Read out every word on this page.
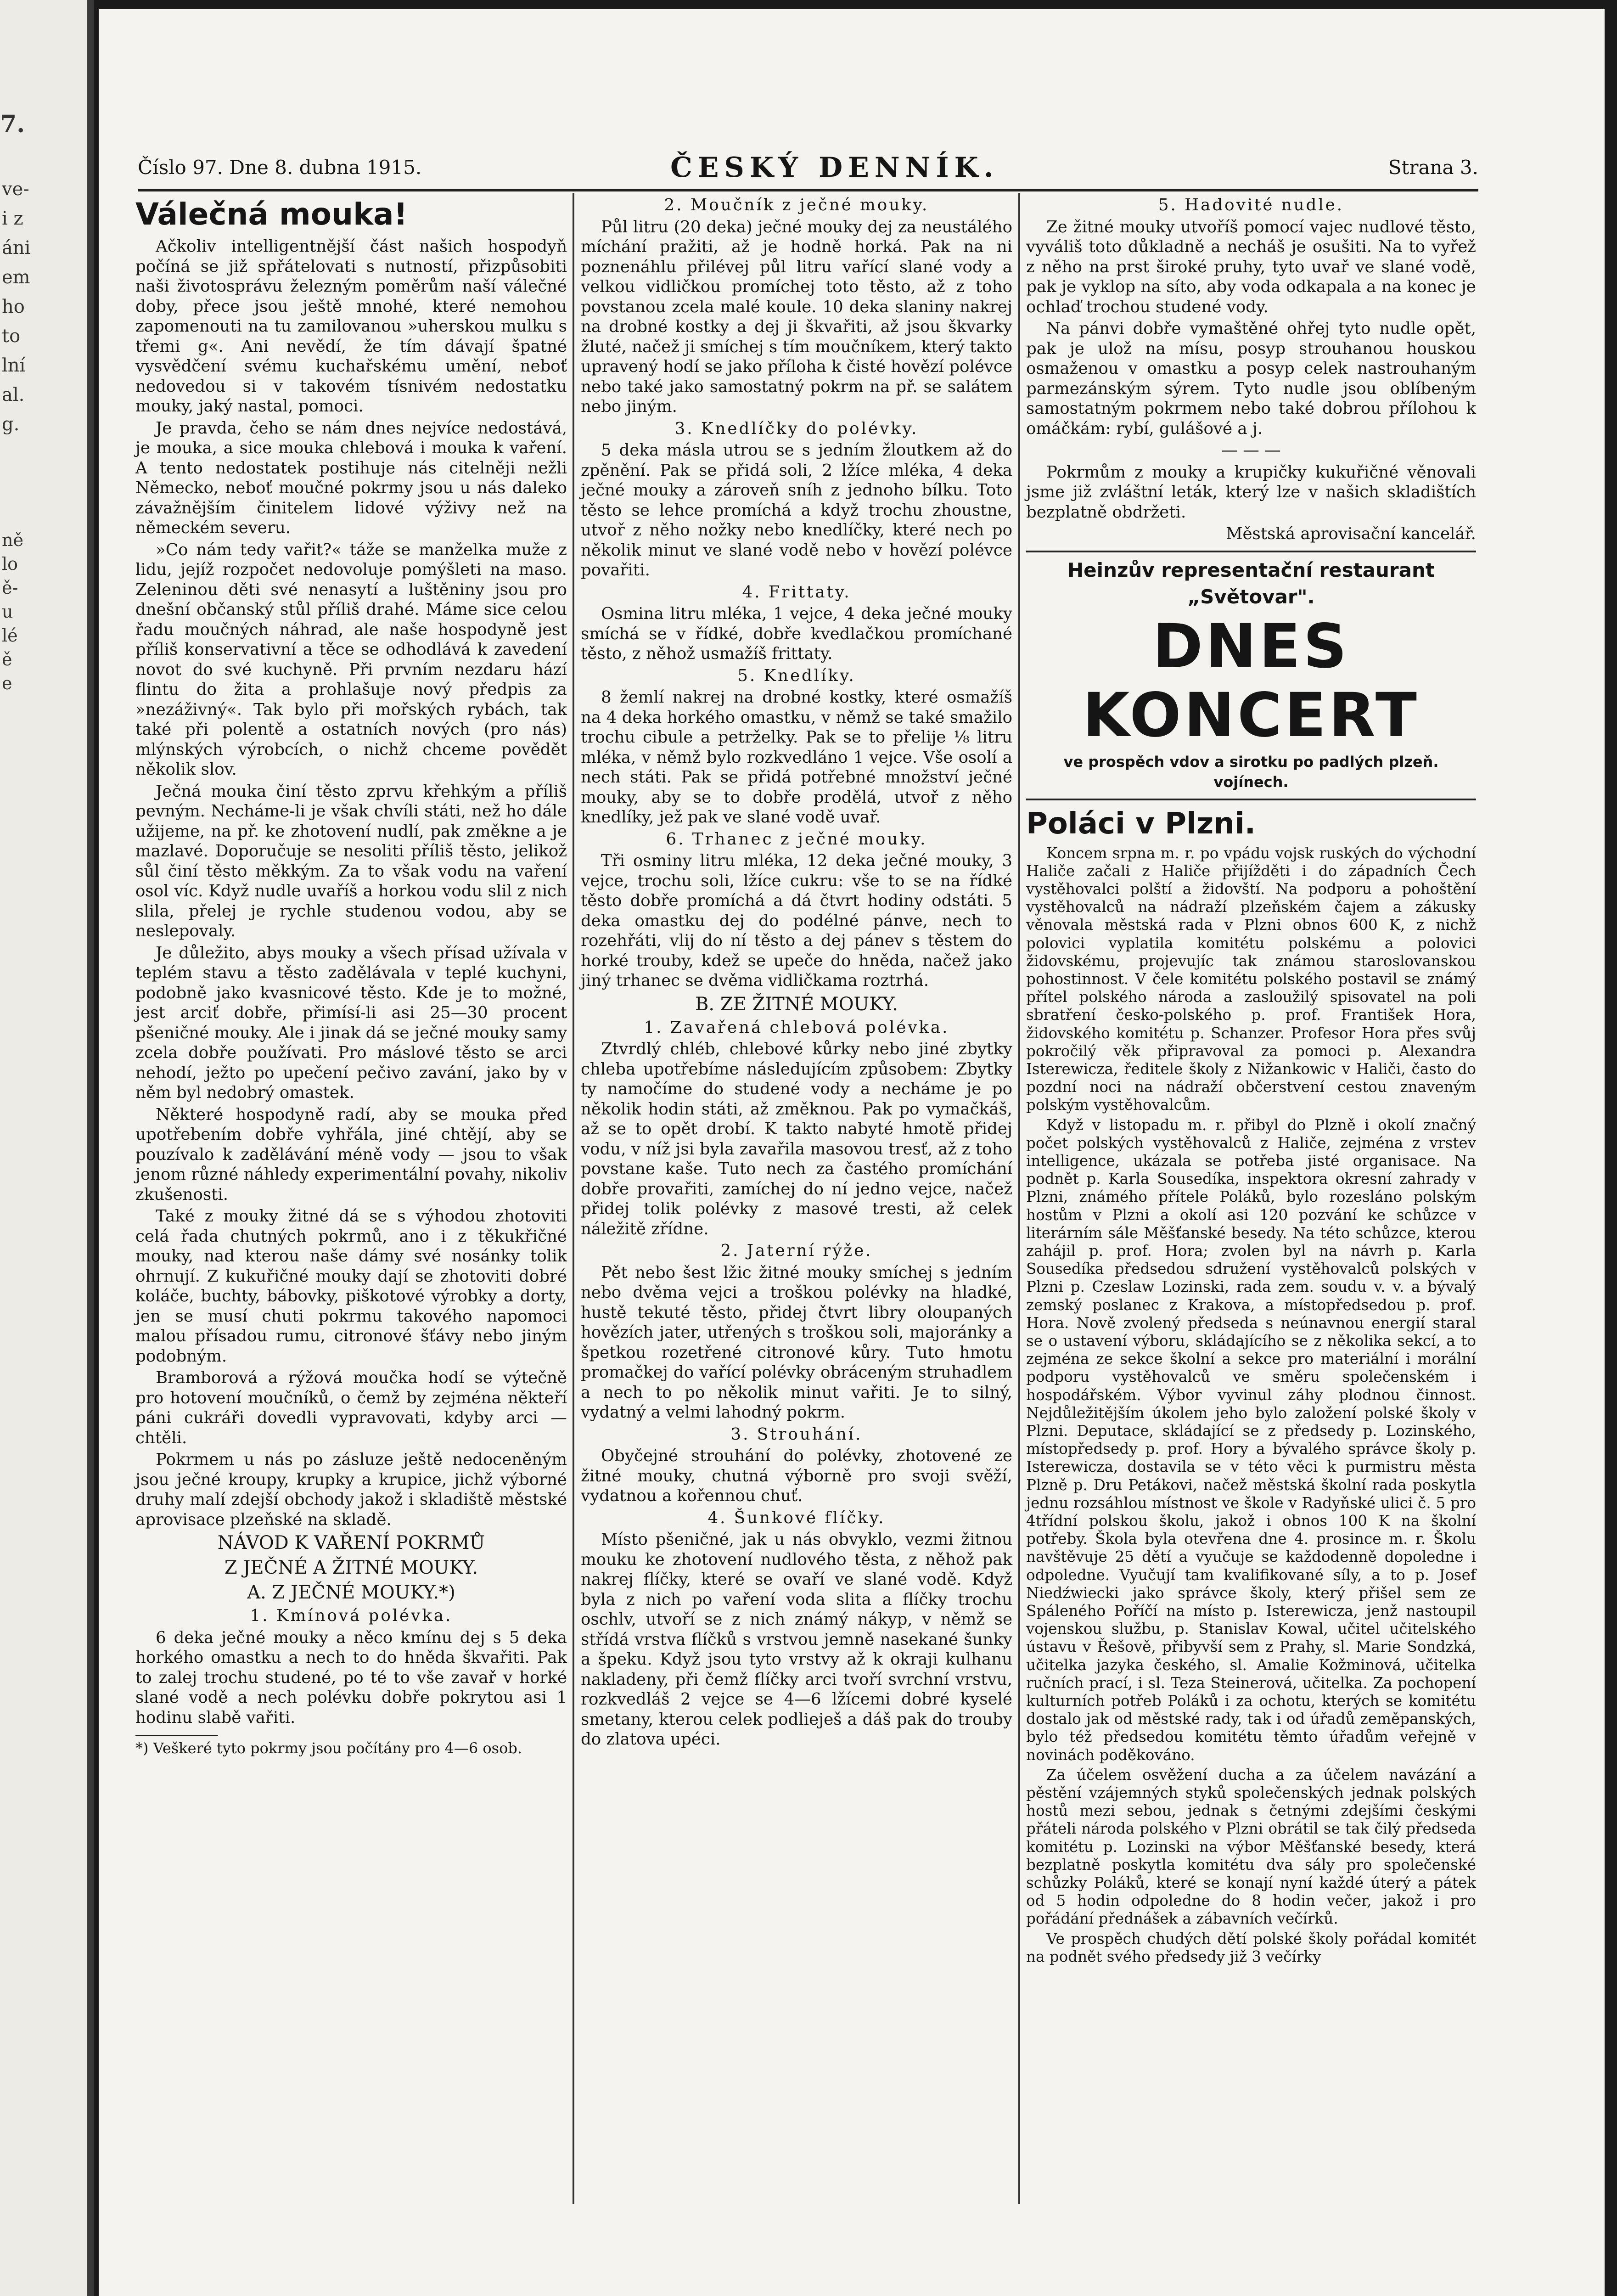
7.
ve-
i z
áni
em
ho
to
lní
al.
g.
ně
lo
ě-
u
lé
ě
e
Číslo 97. Dne 8. dubna 1915.	ČESKÝ DENNÍK.	Strana 3.
Válečná mouka!

Ačkoliv intelligentnější část našich hospodyň počíná se již spřátelovati s nutností, přizpůsobiti naši životosprávu železným poměrům naší válečné doby, přece jsou ještě mnohé, které nemohou zapomenouti na tu zamilovanou »uherskou mulku s třemi g«. Ani nevědí, že tím dávají špatné vysvědčení svému kuchařskému umění, neboť nedovedou si v takovém tísnivém nedostatku mouky, jaký nastal, pomoci.

Je pravda, čeho se nám dnes nejvíce nedostává, je mouka, a sice mouka chlebová i mouka k vaření. A tento nedostatek postihuje nás citelněji nežli Německo, neboť moučné pokrmy jsou u nás daleko závažnějším činitelem lidové výživy než na německém severu.

»Co nám tedy vařit?« táže se manželka muže z lidu, jejíž rozpočet nedovoluje pomýšleti na maso. Zeleninou děti své nenasytí a luštěniny jsou pro dnešní občanský stůl příliš drahé. Máme sice celou řadu moučných náhrad, ale naše hospodyně jest příliš konservativní a těce se odhodlává k zavedení novot do své kuchyně. Při prvním nezdaru hází flintu do žita a prohlašuje nový předpis za »nezáživný«. Tak bylo při mořských rybách, tak také při polentě a ostatních nových (pro nás) mlýnských výrobcích, o nichž chceme povědět několik slov.

Ječná mouka činí těsto zprvu křehkým a příliš pevným. Necháme-li je však chvíli státi, než ho dále užijeme, na př. ke zhotovení nudlí, pak změkne a je mazlavé. Doporučuje se nesoliti příliš těsto, jelikož sůl činí těsto měkkým. Za to však vodu na vaření osol víc. Když nudle uvaříš a horkou vodu slil z nich slila, přelej je rychle studenou vodou, aby se neslepovaly.

Je důležito, abys mouky a všech přísad užívala v teplém stavu a těsto zadělávala v teplé kuchyni, podobně jako kvasnicové těsto. Kde je to možné, jest arciť dobře, přimísí-li asi 25—30 procent pšeničné mouky. Ale i jinak dá se ječné mouky samy zcela dobře používati. Pro máslové těsto se arci nehodí, ježto po upečení pečivo zavání, jako by v něm byl nedobrý omastek.

Některé hospodyně radí, aby se mouka před upotřebením dobře vyhřála, jiné chtějí, aby se pouzívalo k zadělávání méně vody — jsou to však jenom různé náhledy experimentální povahy, nikoliv zkušenosti.

Také z mouky žitné dá se s výhodou zhotoviti celá řada chutných pokrmů, ano i z těkukřičné mouky, nad kterou naše dámy své nosánky tolik ohrnují. Z kukuřičné mouky dají se zhotoviti dobré koláče, buchty, bábovky, piškotové výrobky a dorty, jen se musí chuti pokrmu takového napomoci malou přísadou rumu, citronové šťávy nebo jiným podobným.

Bramborová a rýžová moučka hodí se výtečně pro hotovení moučníků, o čemž by zejména někteří páni cukráři dovedli vypravovati, kdyby arci — chtěli.

Pokrmem u nás po zásluze ještě nedoceněným jsou ječné kroupy, krupky a krupice, jichž výborné druhy malí zdejší obchody jakož i skladiště městské aprovisace plzeňské na skladě.

NÁVOD K VAŘENÍ POKRMŮ

Z JEČNÉ A ŽITNÉ MOUKY.

A. Z JEČNÉ MOUKY.*)

1. Kmínová polévka.

6 deka ječné mouky a něco kmínu dej s 5 deka horkého omastku a nech to do hněda škvařiti. Pak to zalej trochu studené, po té to vše zavař v horké slané vodě a nech polévku dobře pokrytou asi 1 hodinu slabě vařiti.

*) Veškeré tyto pokrmy jsou počítány pro 4—6 osob.

2. Moučník z ječné mouky.

Půl litru (20 deka) ječné mouky dej za neustálého míchání pražiti, až je hodně horká. Pak na ni poznenáhlu přilévej půl litru vařící slané vody a velkou vidličkou promíchej toto těsto, až z toho povstanou zcela malé koule. 10 deka slaniny nakrej na drobné kostky a dej ji škvařiti, až jsou škvarky žluté, načež ji smíchej s tím moučníkem, který takto upravený hodí se jako příloha k čisté hovězí polévce nebo také jako samostatný pokrm na př. se salátem nebo jiným.

3. Knedlíčky do polévky.

5 deka másla utrou se s jedním žloutkem až do zpěnění. Pak se přidá soli, 2 lžíce mléka, 4 deka ječné mouky a zároveň sníh z jednoho bílku. Toto těsto se lehce promíchá a když trochu zhoustne, utvoř z něho nožky nebo knedlíčky, které nech po několik minut ve slané vodě nebo v hovězí polévce povařiti.

4. Frittaty.

Osmina litru mléka, 1 vejce, 4 deka ječné mouky smíchá se v řídké, dobře kvedlačkou promíchané těsto, z něhož usmažíš frittaty.

5. Knedlíky.

8 žemlí nakrej na drobné kostky, které osmažíš na 4 deka horkého omastku, v němž se také smažilo trochu cibule a petrželky. Pak se to přelije ⅛ litru mléka, v němž bylo rozkvedláno 1 vejce. Vše osolí a nech státi. Pak se přidá potřebné množství ječné mouky, aby se to dobře prodělá, utvoř z něho knedlíky, jež pak ve slané vodě uvař.

6. Trhanec z ječné mouky.

Tři osminy litru mléka, 12 deka ječné mouky, 3 vejce, trochu soli, lžíce cukru: vše to se na řídké těsto dobře promíchá a dá čtvrt hodiny odstáti. 5 deka omastku dej do podélné pánve, nech to rozehřáti, vlij do ní těsto a dej pánev s těstem do horké trouby, kdež se upeče do hněda, načež jako jiný trhanec se dvěma vidličkama roztrhá.

B. ZE ŽITNÉ MOUKY.

1. Zavařená chlebová polévka.

Ztvrdlý chléb, chlebové kůrky nebo jiné zbytky chleba upotřebíme následujícím způsobem: Zbytky ty namočíme do studené vody a necháme je po několik hodin státi, až změknou. Pak po vymačkáš, až se to opět drobí. K takto nabyté hmotě přidej vodu, v níž jsi byla zavařila masovou tresť, až z toho povstane kaše. Tuto nech za častého promíchání dobře provařiti, zamíchej do ní jedno vejce, načež přidej tolik polévky z masové tresti, až celek náležitě zřídne.

2. Jaterní rýže.

Pět nebo šest lžic žitné mouky smíchej s jedním nebo dvěma vejci a troškou polévky na hladké, hustě tekuté těsto, přidej čtvrt libry oloupaných hovězích jater, utřených s troškou soli, majoránky a špetkou rozetřené citronové kůry. Tuto hmotu promačkej do vařící polévky obráceným struhadlem a nech to po několik minut vařiti. Je to silný, vydatný a velmi lahodný pokrm.

3. Strouhání.

Obyčejné strouhání do polévky, zhotovené ze žitné mouky, chutná výborně pro svoji svěží, vydatnou a kořennou chuť.

4. Šunkové flíčky.

Místo pšeničné, jak u nás obvyklo, vezmi žitnou mouku ke zhotovení nudlového těsta, z něhož pak nakrej flíčky, které se ovaří ve slané vodě. Když byla z nich po vaření voda slita a flíčky trochu oschlv, utvoří se z nich známý nákyp, v němž se střídá vrstva flíčků s vrstvou jemně nasekané šunky a špeku. Když jsou tyto vrstvy až k okraji kulhanu nakladeny, při čemž flíčky arci tvoří svrchní vrstvu, rozkvedláš 2 vejce se 4—6 lžícemi dobré kyselé smetany, kterou celek podlieješ a dáš pak do trouby do zlatova upéci.

5. Hadovité nudle.

Ze žitné mouky utvoříš pomocí vajec nudlové těsto, vyváliš toto důkladně a necháš je osušiti. Na to vyřež z něho na prst široké pruhy, tyto uvař ve slané vodě, pak je vyklop na síto, aby voda odkapala a na konec je ochlaď trochou studené vody.

Na pánvi dobře vymaštěné ohřej tyto nudle opět, pak je ulož na mísu, posyp strouhanou houskou osmaženou v omastku a posyp celek nastrouhaným parmezánským sýrem. Tyto nudle jsou oblíbeným samostatným pokrmem nebo také dobrou přílohou k omáčkám: rybí, gulášové a j.

— — —

Pokrmům z mouky a krupičky kukuřičné věnovali jsme již zvláštní leták, který lze v našich skladištích bezplatně obdržeti.

Městská aprovisační kancelář.

Heinzův representační restaurant „Světovar".

DNES KONCERT

ve prospěch vdov a sirotku po padlých plzeň. vojínech.

Poláci v Plzni.

Koncem srpna m. r. po vpádu vojsk ruských do východní Haliče začali z Haliče přijížděti i do západních Čech vystěhovalci polští a židovští. Na podporu a pohoštění vystěhovalců na nádraží plzeňském čajem a zákusky věnovala městská rada v Plzni obnos 600 K, z nichž polovici vyplatila komitétu polskému a polovici židovskému, projevujíc tak známou staroslovanskou pohostinnost. V čele komitétu polského postavil se známý přítel polského národa a zasloužilý spisovatel na poli sbratření česko-polského p. prof. František Hora, židovského komitétu p. Schanzer. Profesor Hora přes svůj pokročilý věk připravoval za pomoci p. Alexandra Isterewicza, ředitele školy z Nižankowic v Haliči, často do pozdní noci na nádraží občerstvení cestou znaveným polským vystěhovalcům.

Když v listopadu m. r. přibyl do Plzně i okolí značný počet polských vystěhovalců z Haliče, zejména z vrstev intelligence, ukázala se potřeba jisté organisace. Na podnět p. Karla Sousedíka, inspektora okresní zahrady v Plzni, známého přítele Poláků, bylo rozesláno polským hostům v Plzni a okolí asi 120 pozvání ke schůzce v literárním sále Měšťanské besedy. Na této schůzce, kterou zahájil p. prof. Hora; zvolen byl na návrh p. Karla Sousedíka předsedou sdružení vystěhovalců polských v Plzni p. Czeslaw Lozinski, rada zem. soudu v. v. a bývalý zemský poslanec z Krakova, a místopředsedou p. prof. Hora. Nově zvolený předseda s neúnavnou energií staral se o ustavení výboru, skládajícího se z několika sekcí, a to zejména ze sekce školní a sekce pro materiální i morální podporu vystěhovalců ve směru společenském i hospodářském. Výbor vyvinul záhy plodnou činnost. Nejdůležitějším úkolem jeho bylo založení polské školy v Plzni. Deputace, skládající se z předsedy p. Lozinského, místopředsedy p. prof. Hory a bývalého správce školy p. Isterewicza, dostavila se v této věci k purmistru města Plzně p. Dru Petákovi, načež městská školní rada poskytla jednu rozsáhlou místnost ve škole v Radyňské ulici č. 5 pro 4třídní polskou školu, jakož i obnos 100 K na školní potřeby. Škola byla otevřena dne 4. prosince m. r. Školu navštěvuje 25 dětí a vyučuje se každodenně dopoledne i odpoledne. Vyučují tam kvalifikované síly, a to p. Josef Niedźwiecki jako správce školy, který přišel sem ze Spáleného Poříčí na místo p. Isterewicza, jenž nastoupil vojenskou službu, p. Stanislav Kowal, učitel učitelského ústavu v Řešově, přibyvší sem z Prahy, sl. Marie Sondzká, učitelka jazyka českého, sl. Amalie Kožminová, učitelka ručních prací, i sl. Teza Steinerová, učitelka. Za pochopení kulturních potřeb Poláků i za ochotu, kterých se komitétu dostalo jak od městské rady, tak i od úřadů zeměpanských, bylo též předsedou komitétu těmto úřadům veřejně v novinách poděkováno.

Za účelem osvěžení ducha a za účelem navázání a pěstění vzájemných styků společenských jednak polských hostů mezi sebou, jednak s četnými zdejšími českými přáteli národa polského v Plzni obrátil se tak čilý předseda komitétu p. Lozinski na výbor Měšťanské besedy, která bezplatně poskytla komitétu dva sály pro společenské schůzky Poláků, které se konají nyní každé úterý a pátek od 5 hodin odpoledne do 8 hodin večer, jakož i pro pořádání přednášek a zábavních večírků.

Ve prospěch chudých dětí polské školy pořádal komitét na podnět svého předsedy již 3 večírky
